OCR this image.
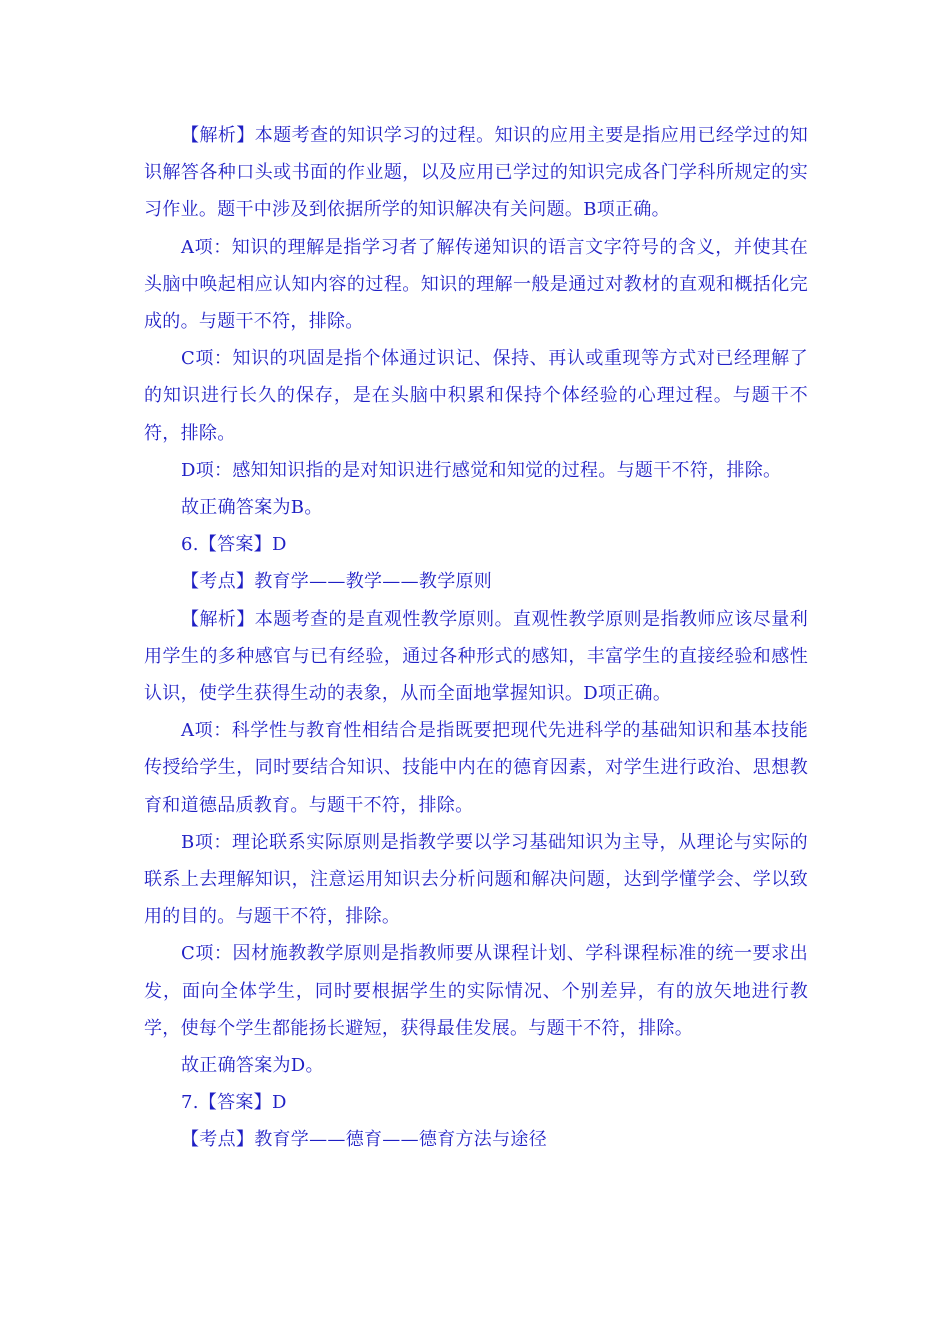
【解析】本题考查的知识学习的过程。知识的应用主要是指应用已经学过的知识解答各种口头或书面的作业题，以及应用已学过的知识完成各门学科所规定的实习作业。题干中涉及到依据所学的知识解决有关问题。B项正确。

A项：知识的理解是指学习者了解传递知识的语言文字符号的含义，并使其在头脑中唤起相应认知内容的过程。知识的理解一般是通过对教材的直观和概括化完成的。与题干不符，排除。

C项：知识的巩固是指个体通过识记、保持、再认或重现等方式对已经理解了的知识进行长久的保存，是在头脑中积累和保持个体经验的心理过程。与题干不符，排除。

D项：感知知识指的是对知识进行感觉和知觉的过程。与题干不符，排除。

故正确答案为B。

6.【答案】D

【考点】教育学——教学——教学原则

【解析】本题考查的是直观性教学原则。直观性教学原则是指教师应该尽量利用学生的多种感官与已有经验，通过各种形式的感知，丰富学生的直接经验和感性认识，使学生获得生动的表象，从而全面地掌握知识。D项正确。

A项：科学性与教育性相结合是指既要把现代先进科学的基础知识和基本技能传授给学生，同时要结合知识、技能中内在的德育因素，对学生进行政治、思想教育和道德品质教育。与题干不符，排除。

B项：理论联系实际原则是指教学要以学习基础知识为主导，从理论与实际的联系上去理解知识，注意运用知识去分析问题和解决问题，达到学懂学会、学以致用的目的。与题干不符，排除。

C项：因材施教教学原则是指教师要从课程计划、学科课程标准的统一要求出发，面向全体学生，同时要根据学生的实际情况、个别差异，有的放矢地进行教学，使每个学生都能扬长避短，获得最佳发展。与题干不符，排除。

故正确答案为D。

7.【答案】D

【考点】教育学——德育——德育方法与途径
